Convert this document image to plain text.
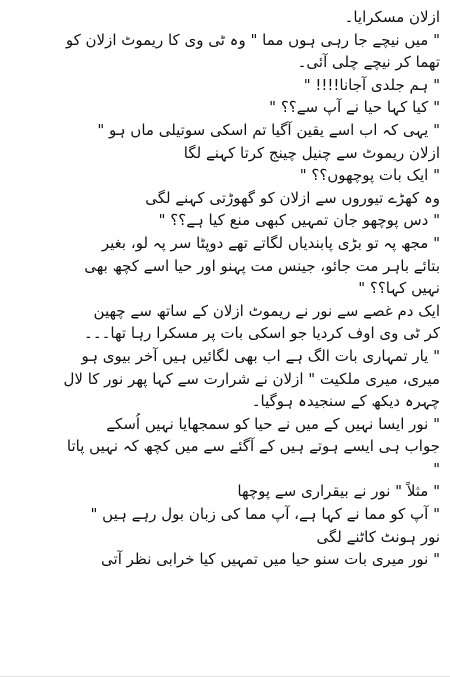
ازلان مسکرایا۔
" میں نیچے جا رہی ہوں مما " وہ ٹی وی کا ریموٹ ازلان کو
تھما کر نیچے چلی آئی۔
" ہم جلدی آجانا!!!! "
" کیا کہا حیا نے آپ سے؟؟ "
" یہی کہ اب اسے یقین آگیا تم اسکی سوتیلی ماں ہو "
ازلان ریموٹ سے چنیل چینج کرتا کہنے لگا
" ایک بات پوچھوں؟؟ "
وہ کھڑے تیوروں سے ازلان کو گھوڑتی کہنے لگی
" دس پوچھو جان تمہیں کبھی منع کیا ہے؟؟ "
" مجھ پہ تو بڑی پابندیاں لگاتے تھے دوپٹا سر پہ لو، بغیر
بتائے باہر مت جائو، جینس مت پہنو اور حیا اسے کچھ بھی
نہیں کہا؟؟ "
ایک دم غصے سے نور نے ریموٹ ازلان کے ساتھ سے چھین
کر ٹی وی اوف کردیا جو اسکی بات پر مسکرا رہا تھا۔۔۔
" یار تمہاری بات الگ ہے اب بھی لگائیں ہیں آخر بیوی ہو
میری، میری ملکیت " ازلان نے شرارت سے کہا پھر نور کا لال
چہرہ دیکھ کے سنجیدہ ہوگیا۔
" نور ایسا نہیں کے میں نے حیا کو سمجھایا نہیں اُسکے
جواب ہی ایسے ہوتے ہیں کے آگئے سے میں کچھ کہ نہیں پاتا
"
" مثلاً " نور نے بیقراری سے پوچھا
" آپ کو مما نے کہا ہے، آپ مما کی زبان بول رہے ہیں "
نور ہونٹ کاٹنے لگی
" نور میری بات سنو حیا میں تمہیں کیا خرابی نظر آتی
